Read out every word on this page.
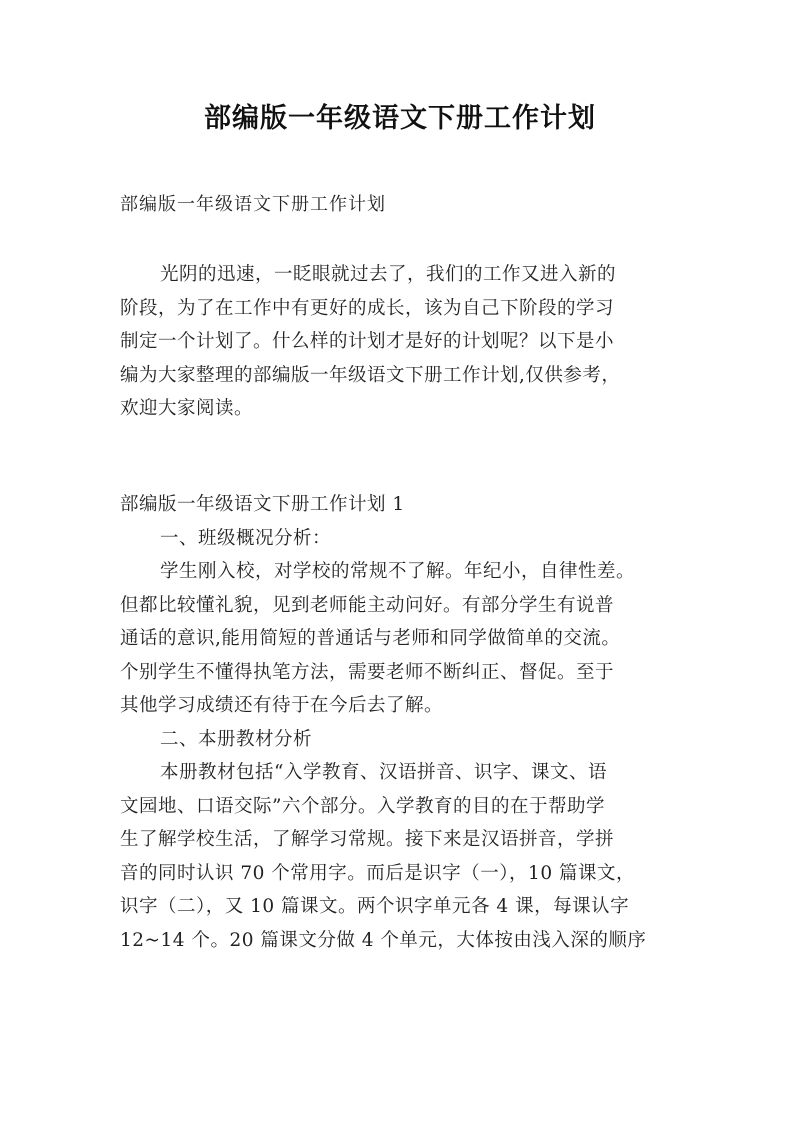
部编版一年级语文下册工作计划
部编版一年级语文下册工作计划
光阴的迅速，一眨眼就过去了，我们的工作又进入新的
阶段，为了在工作中有更好的成长，该为自己下阶段的学习
制定一个计划了。什么样的计划才是好的计划呢？以下是小
编为大家整理的部编版一年级语文下册工作计划,仅供参考，
欢迎大家阅读。
部编版一年级语文下册工作计划 1
一、班级概况分析：
学生刚入校，对学校的常规不了解。年纪小，自律性差。
但都比较懂礼貌，见到老师能主动问好。有部分学生有说普
通话的意识,能用简短的普通话与老师和同学做简单的交流。
个别学生不懂得执笔方法，需要老师不断纠正、督促。至于
其他学习成绩还有待于在今后去了解。
二、本册教材分析
本册教材包括“入学教育、汉语拼音、识字、课文、语
文园地、口语交际”六个部分。入学教育的目的在于帮助学
生了解学校生活，了解学习常规。接下来是汉语拼音，学拼
音的同时认识 70 个常用字。而后是识字（一），10 篇课文，
识字（二），又 10 篇课文。两个识字单元各 4 课，每课认字
12~14 个。20 篇课文分做 4 个单元，大体按由浅入深的顺序
